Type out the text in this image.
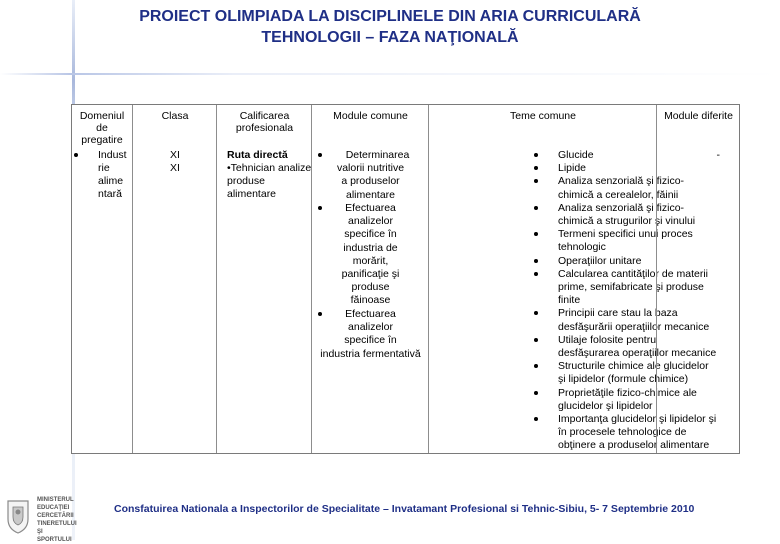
PROIECT OLIMPIADA LA DISCIPLINELE DIN ARIA CURRICULARĂ
TEHNOLOGII – FAZA NAŢIONALĂ
Domeniul
de
pregatire
Indust
rie
alime
ntară
Clasa
XI
XI
Calificarea
profesionala
Ruta directă
•Tehnician analize
produse
alimentare
Module comune
Determinarea
valorii nutritive
a produselor
alimentare
Efectuarea
analizelor
specifice în
industria de
morărit,
panificaţie şi
produse
făinoase
Efectuarea
analizelor
specifice în
industria fermentativă
Teme comune
Glucide
Lipide
Analiza senzorială şi fizico-
chimică a cerealelor, făinii
Analiza senzorială şi fizico-
chimică a strugurilor şi vinului
Termeni specifici unui proces
tehnologic
Operaţiilor unitare
Calcularea cantităţilor de materii
prime, semifabricate şi produse
finite
Principii care stau la baza
desfăşurării operaţiilor mecanice
Utilaje folosite pentru
desfăşurarea operaţiilor mecanice
Structurile chimice ale glucidelor
şi lipidelor (formule chimice)
Proprietăţile fizico-chimice ale
glucidelor şi lipidelor
Importanţa glucidelor şi lipidelor şi
în procesele tehnologice de
obţinere a produselor alimentare
Module diferite
-
MINISTERUL
EDUCAŢIEI
CERCETĂRII
TINERETULUI
ŞI SPORTULUI
Consfatuirea Nationala a Inspectorilor de Specialitate – Invatamant Profesional si Tehnic-Sibiu, 5- 7 Septembrie 2010
